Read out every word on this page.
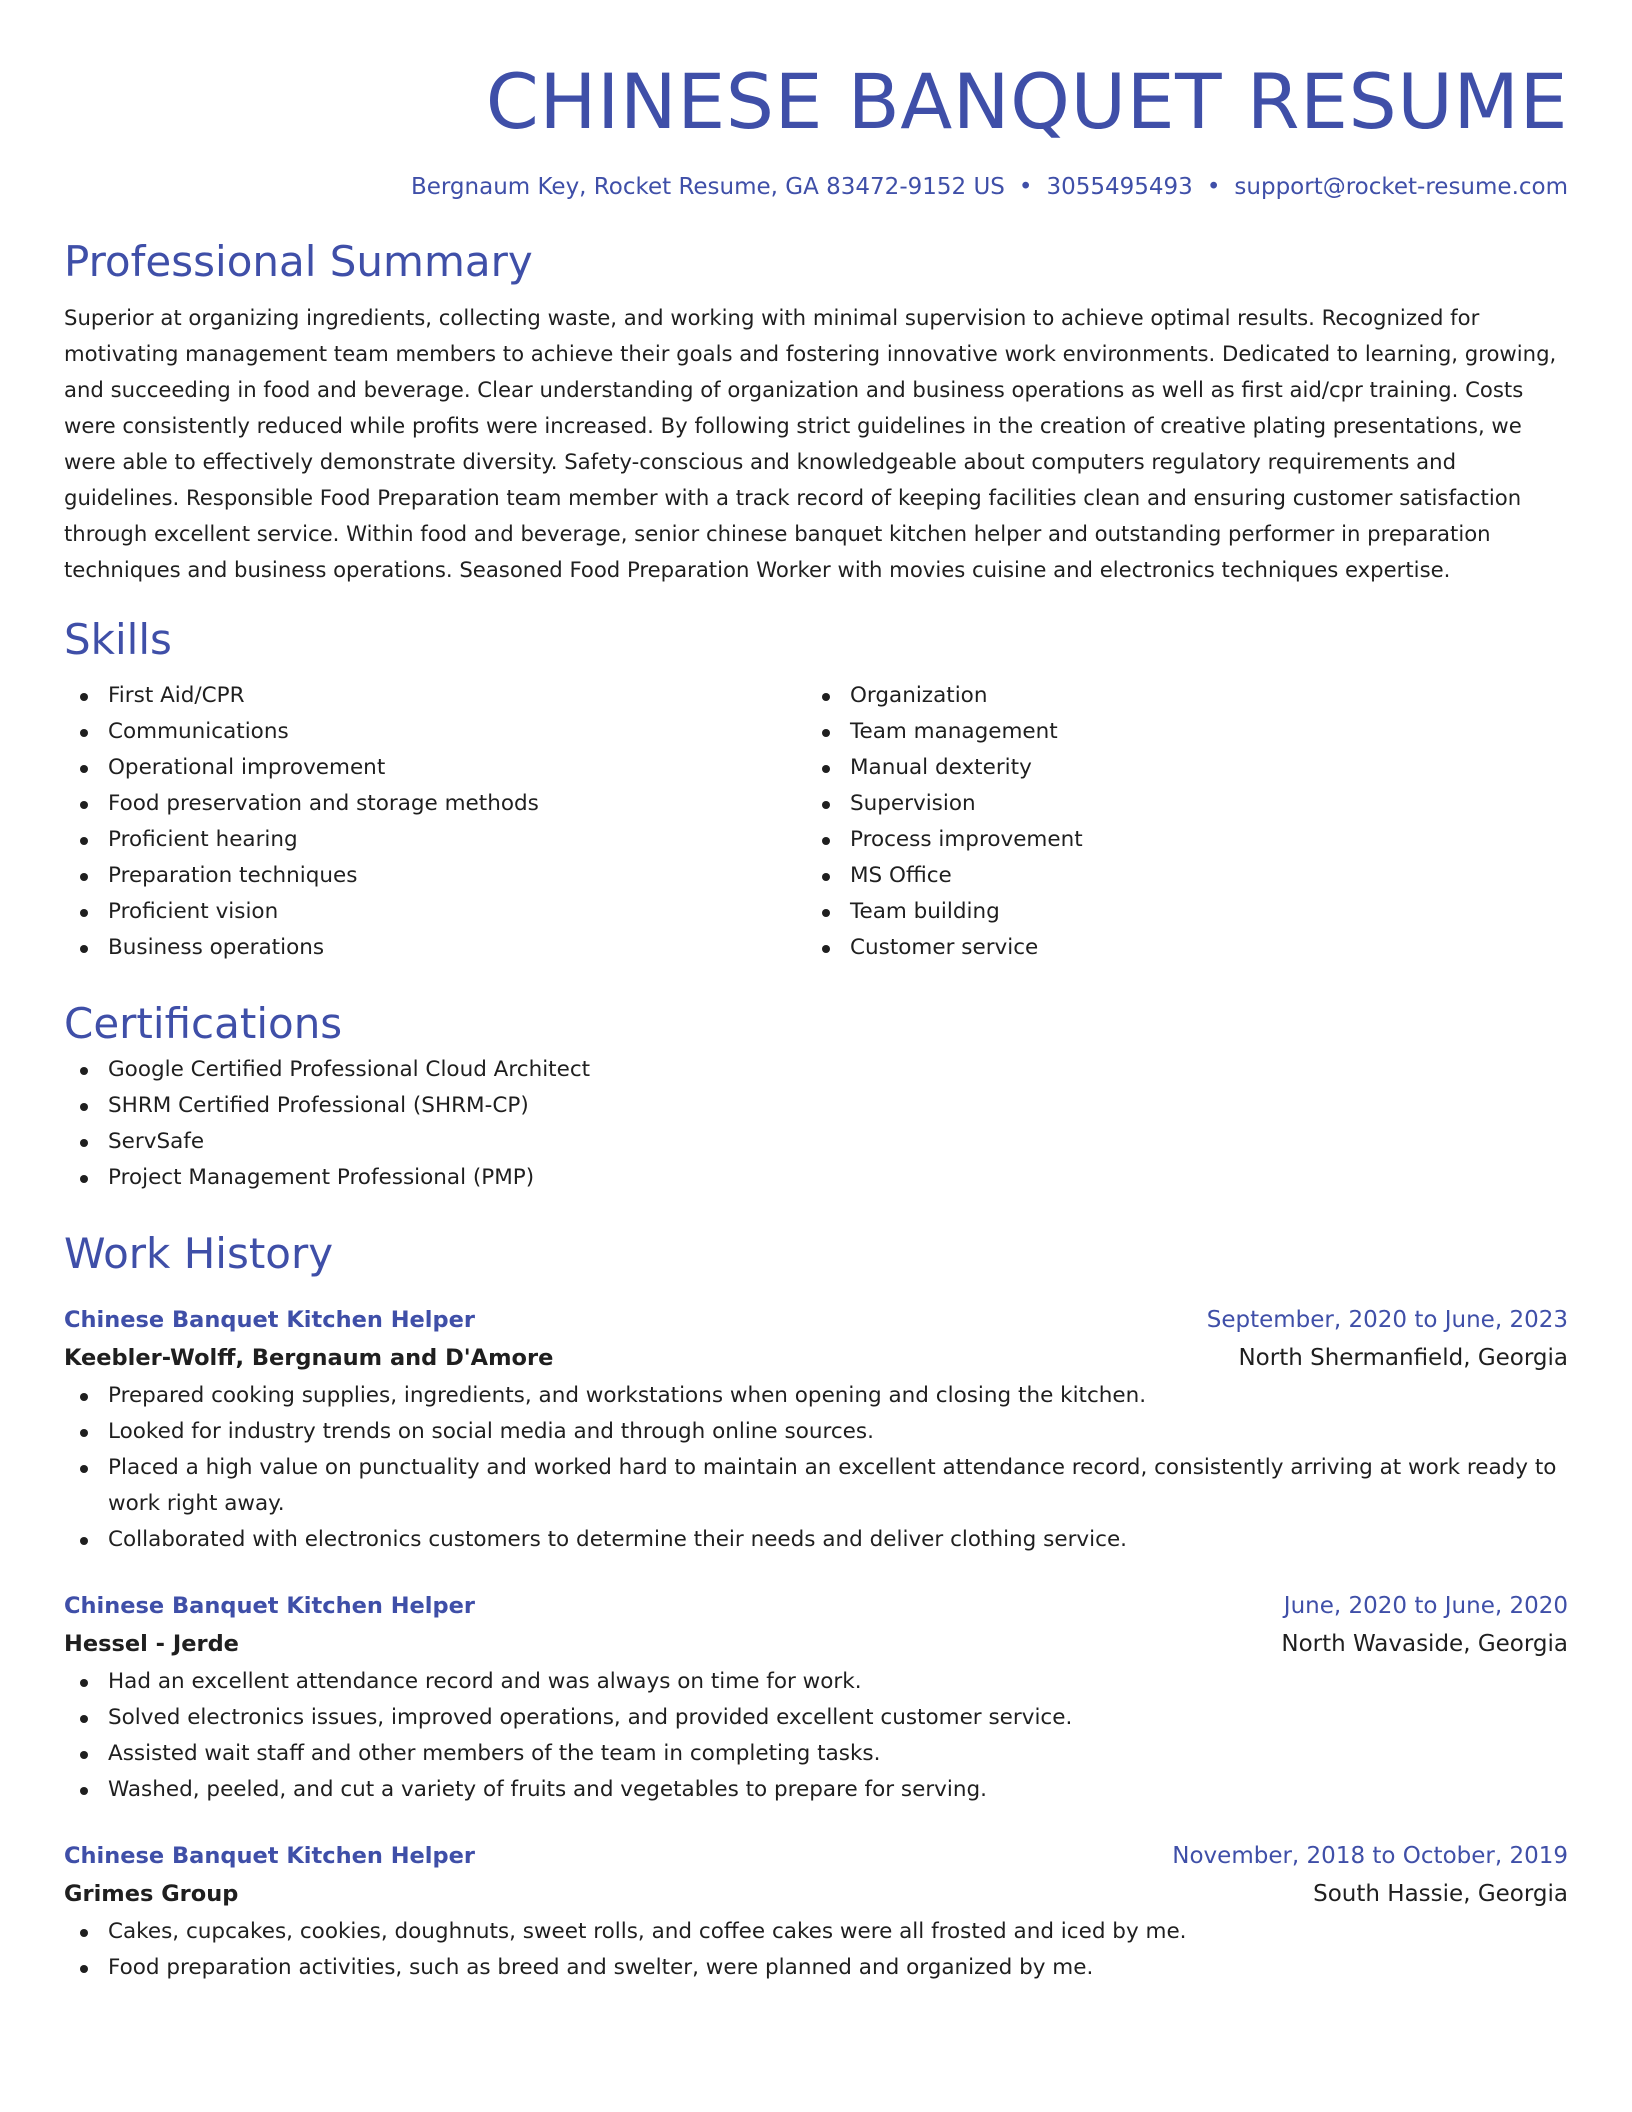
CHINESE BANQUET RESUME
Bergnaum Key, Rocket Resume, GA 83472-9152 US • 3055495493 • support@rocket-resume.com
Professional Summary

Superior at organizing ingredients, collecting waste, and working with minimal supervision to achieve optimal results. Recognized for motivating management team members to achieve their goals and fostering innovative work environments. Dedicated to learning, growing, and succeeding in food and beverage. Clear understanding of organization and business operations as well as first aid/cpr training. Costs were consistently reduced while profits were increased. By following strict guidelines in the creation of creative plating presentations, we were able to effectively demonstrate diversity. Safety-conscious and knowledgeable about computers regulatory requirements and guidelines. Responsible Food Preparation team member with a track record of keeping facilities clean and ensuring customer satisfaction through excellent service. Within food and beverage, senior chinese banquet kitchen helper and outstanding performer in preparation techniques and business operations. Seasoned Food Preparation Worker with movies cuisine and electronics techniques expertise.

Skills
First Aid/CPR
Communications
Operational improvement
Food preservation and storage methods
Proficient hearing
Preparation techniques
Proficient vision
Business operations
Organization
Team management
Manual dexterity
Supervision
Process improvement
MS Office
Team building
Customer service
Certifications
Google Certified Professional Cloud Architect
SHRM Certified Professional (SHRM-CP)
ServSafe
Project Management Professional (PMP)
Work History
Chinese Banquet Kitchen Helper	September, 2020 to June, 2023
Keebler-Wolff, Bergnaum and D'Amore	North Shermanfield, Georgia
Prepared cooking supplies, ingredients, and workstations when opening and closing the kitchen.
Looked for industry trends on social media and through online sources.
Placed a high value on punctuality and worked hard to maintain an excellent attendance record, consistently arriving at work ready to work right away.
Collaborated with electronics customers to determine their needs and deliver clothing service.
Chinese Banquet Kitchen Helper	June, 2020 to June, 2020
Hessel - Jerde	North Wavaside, Georgia
Had an excellent attendance record and was always on time for work.
Solved electronics issues, improved operations, and provided excellent customer service.
Assisted wait staff and other members of the team in completing tasks.
Washed, peeled, and cut a variety of fruits and vegetables to prepare for serving.
Chinese Banquet Kitchen Helper	November, 2018 to October, 2019
Grimes Group	South Hassie, Georgia
Cakes, cupcakes, cookies, doughnuts, sweet rolls, and coffee cakes were all frosted and iced by me.
Food preparation activities, such as breed and swelter, were planned and organized by me.
